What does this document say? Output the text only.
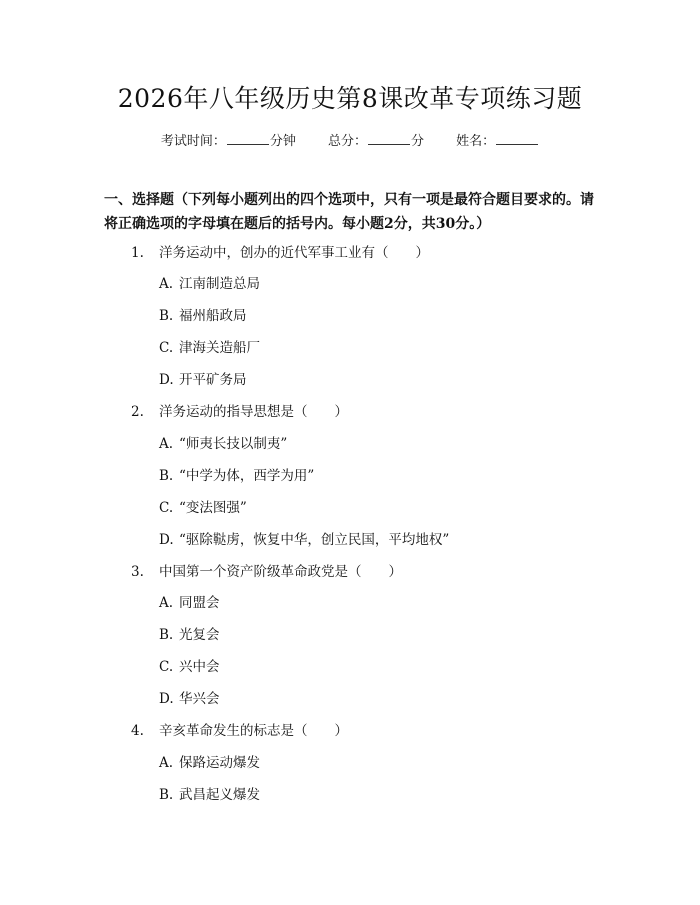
2026年八年级历史第8课改革专项练习题
考试时间：	分钟 总分：	分 姓名：
一、选择题（下列每小题列出的四个选项中，只有一项是最符合题目要求的。请将正确选项的字母填在题后的括号内。每小题2分，共30分。）
1. 洋务运动中，创办的近代军事工业有（　　）
A. 江南制造总局
B. 福州船政局
C. 津海关造船厂
D. 开平矿务局
2. 洋务运动的指导思想是（　　）
A. “师夷长技以制夷”
B. “中学为体，西学为用”
C. “变法图强”
D. “驱除鞑虏，恢复中华，创立民国，平均地权”
3. 中国第一个资产阶级革命政党是（　　）
A. 同盟会
B. 光复会
C. 兴中会
D. 华兴会
4. 辛亥革命发生的标志是（　　）
A. 保路运动爆发
B. 武昌起义爆发
